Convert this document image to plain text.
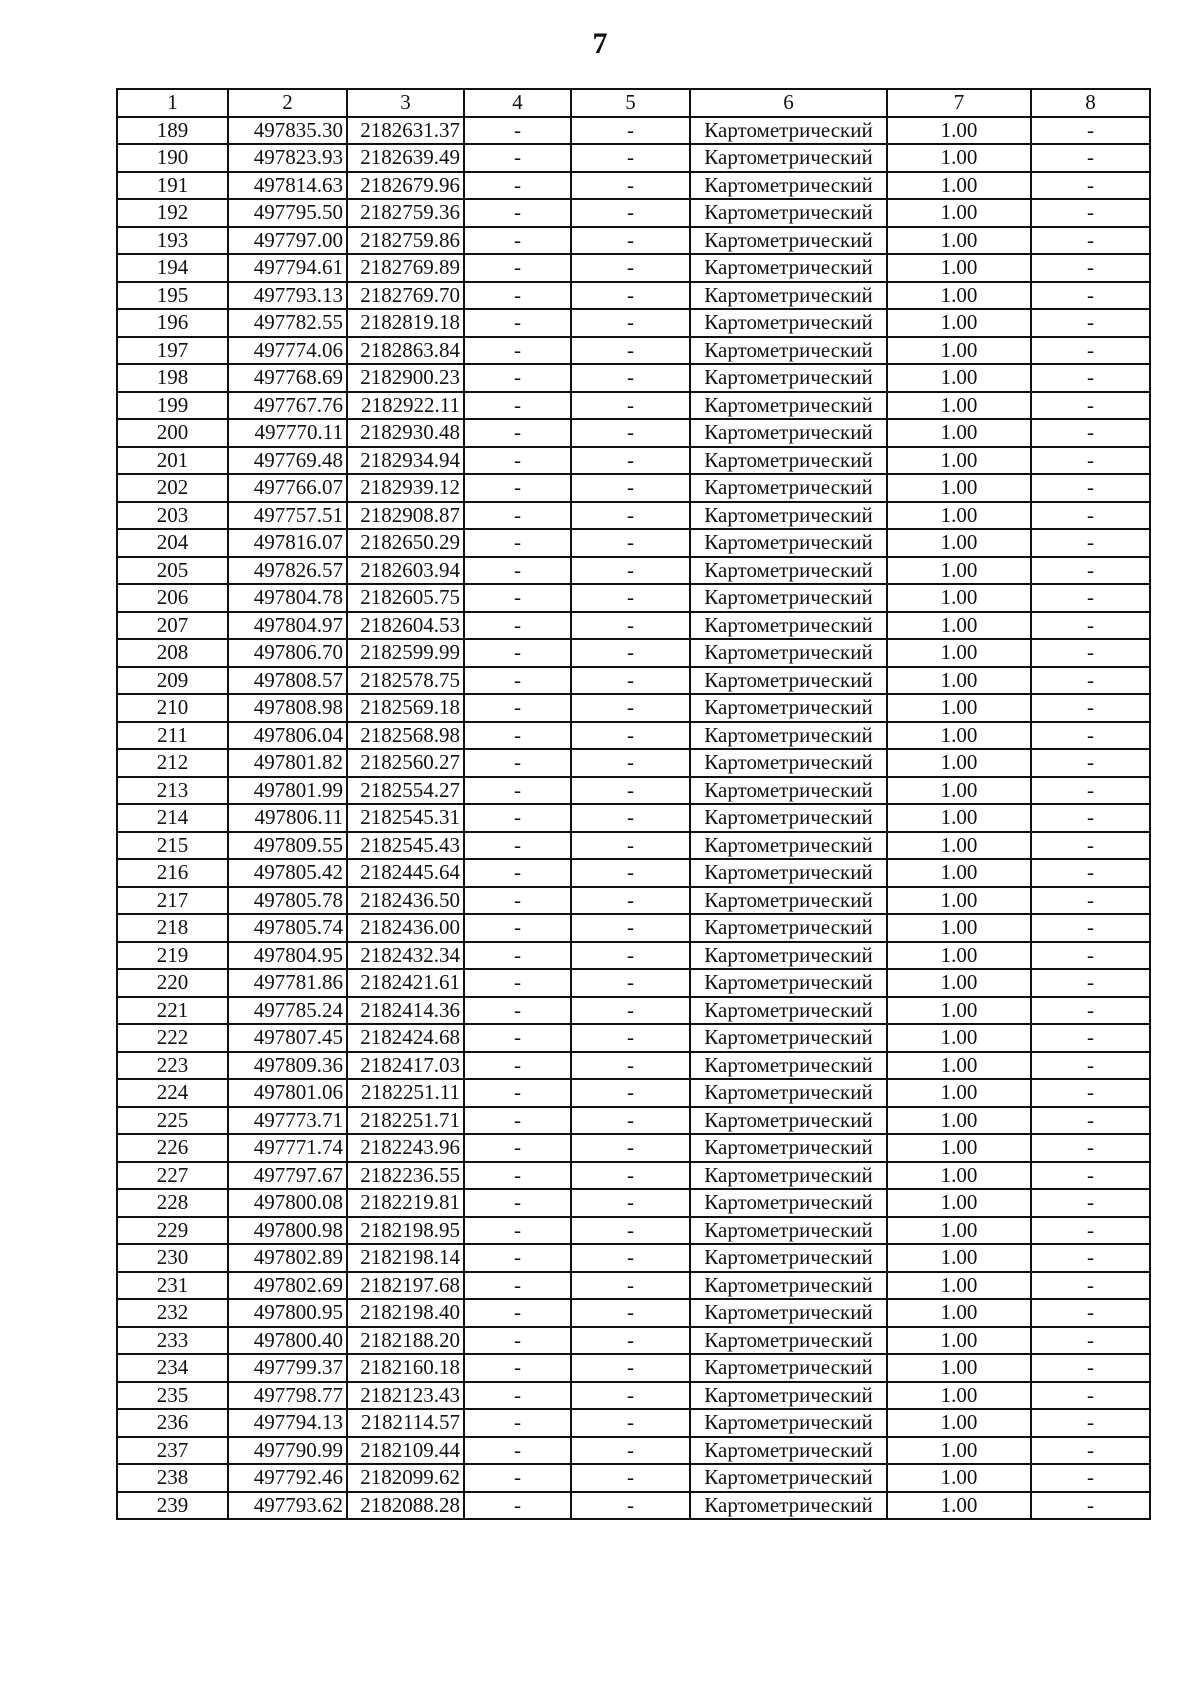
7
1	2	3	4	5	6	7	8
189	497835.30	2182631.37	-	-	Картометрический	1.00	-
190	497823.93	2182639.49	-	-	Картометрический	1.00	-
191	497814.63	2182679.96	-	-	Картометрический	1.00	-
192	497795.50	2182759.36	-	-	Картометрический	1.00	-
193	497797.00	2182759.86	-	-	Картометрический	1.00	-
194	497794.61	2182769.89	-	-	Картометрический	1.00	-
195	497793.13	2182769.70	-	-	Картометрический	1.00	-
196	497782.55	2182819.18	-	-	Картометрический	1.00	-
197	497774.06	2182863.84	-	-	Картометрический	1.00	-
198	497768.69	2182900.23	-	-	Картометрический	1.00	-
199	497767.76	2182922.11	-	-	Картометрический	1.00	-
200	497770.11	2182930.48	-	-	Картометрический	1.00	-
201	497769.48	2182934.94	-	-	Картометрический	1.00	-
202	497766.07	2182939.12	-	-	Картометрический	1.00	-
203	497757.51	2182908.87	-	-	Картометрический	1.00	-
204	497816.07	2182650.29	-	-	Картометрический	1.00	-
205	497826.57	2182603.94	-	-	Картометрический	1.00	-
206	497804.78	2182605.75	-	-	Картометрический	1.00	-
207	497804.97	2182604.53	-	-	Картометрический	1.00	-
208	497806.70	2182599.99	-	-	Картометрический	1.00	-
209	497808.57	2182578.75	-	-	Картометрический	1.00	-
210	497808.98	2182569.18	-	-	Картометрический	1.00	-
211	497806.04	2182568.98	-	-	Картометрический	1.00	-
212	497801.82	2182560.27	-	-	Картометрический	1.00	-
213	497801.99	2182554.27	-	-	Картометрический	1.00	-
214	497806.11	2182545.31	-	-	Картометрический	1.00	-
215	497809.55	2182545.43	-	-	Картометрический	1.00	-
216	497805.42	2182445.64	-	-	Картометрический	1.00	-
217	497805.78	2182436.50	-	-	Картометрический	1.00	-
218	497805.74	2182436.00	-	-	Картометрический	1.00	-
219	497804.95	2182432.34	-	-	Картометрический	1.00	-
220	497781.86	2182421.61	-	-	Картометрический	1.00	-
221	497785.24	2182414.36	-	-	Картометрический	1.00	-
222	497807.45	2182424.68	-	-	Картометрический	1.00	-
223	497809.36	2182417.03	-	-	Картометрический	1.00	-
224	497801.06	2182251.11	-	-	Картометрический	1.00	-
225	497773.71	2182251.71	-	-	Картометрический	1.00	-
226	497771.74	2182243.96	-	-	Картометрический	1.00	-
227	497797.67	2182236.55	-	-	Картометрический	1.00	-
228	497800.08	2182219.81	-	-	Картометрический	1.00	-
229	497800.98	2182198.95	-	-	Картометрический	1.00	-
230	497802.89	2182198.14	-	-	Картометрический	1.00	-
231	497802.69	2182197.68	-	-	Картометрический	1.00	-
232	497800.95	2182198.40	-	-	Картометрический	1.00	-
233	497800.40	2182188.20	-	-	Картометрический	1.00	-
234	497799.37	2182160.18	-	-	Картометрический	1.00	-
235	497798.77	2182123.43	-	-	Картометрический	1.00	-
236	497794.13	2182114.57	-	-	Картометрический	1.00	-
237	497790.99	2182109.44	-	-	Картометрический	1.00	-
238	497792.46	2182099.62	-	-	Картометрический	1.00	-
239	497793.62	2182088.28	-	-	Картометрический	1.00	-
